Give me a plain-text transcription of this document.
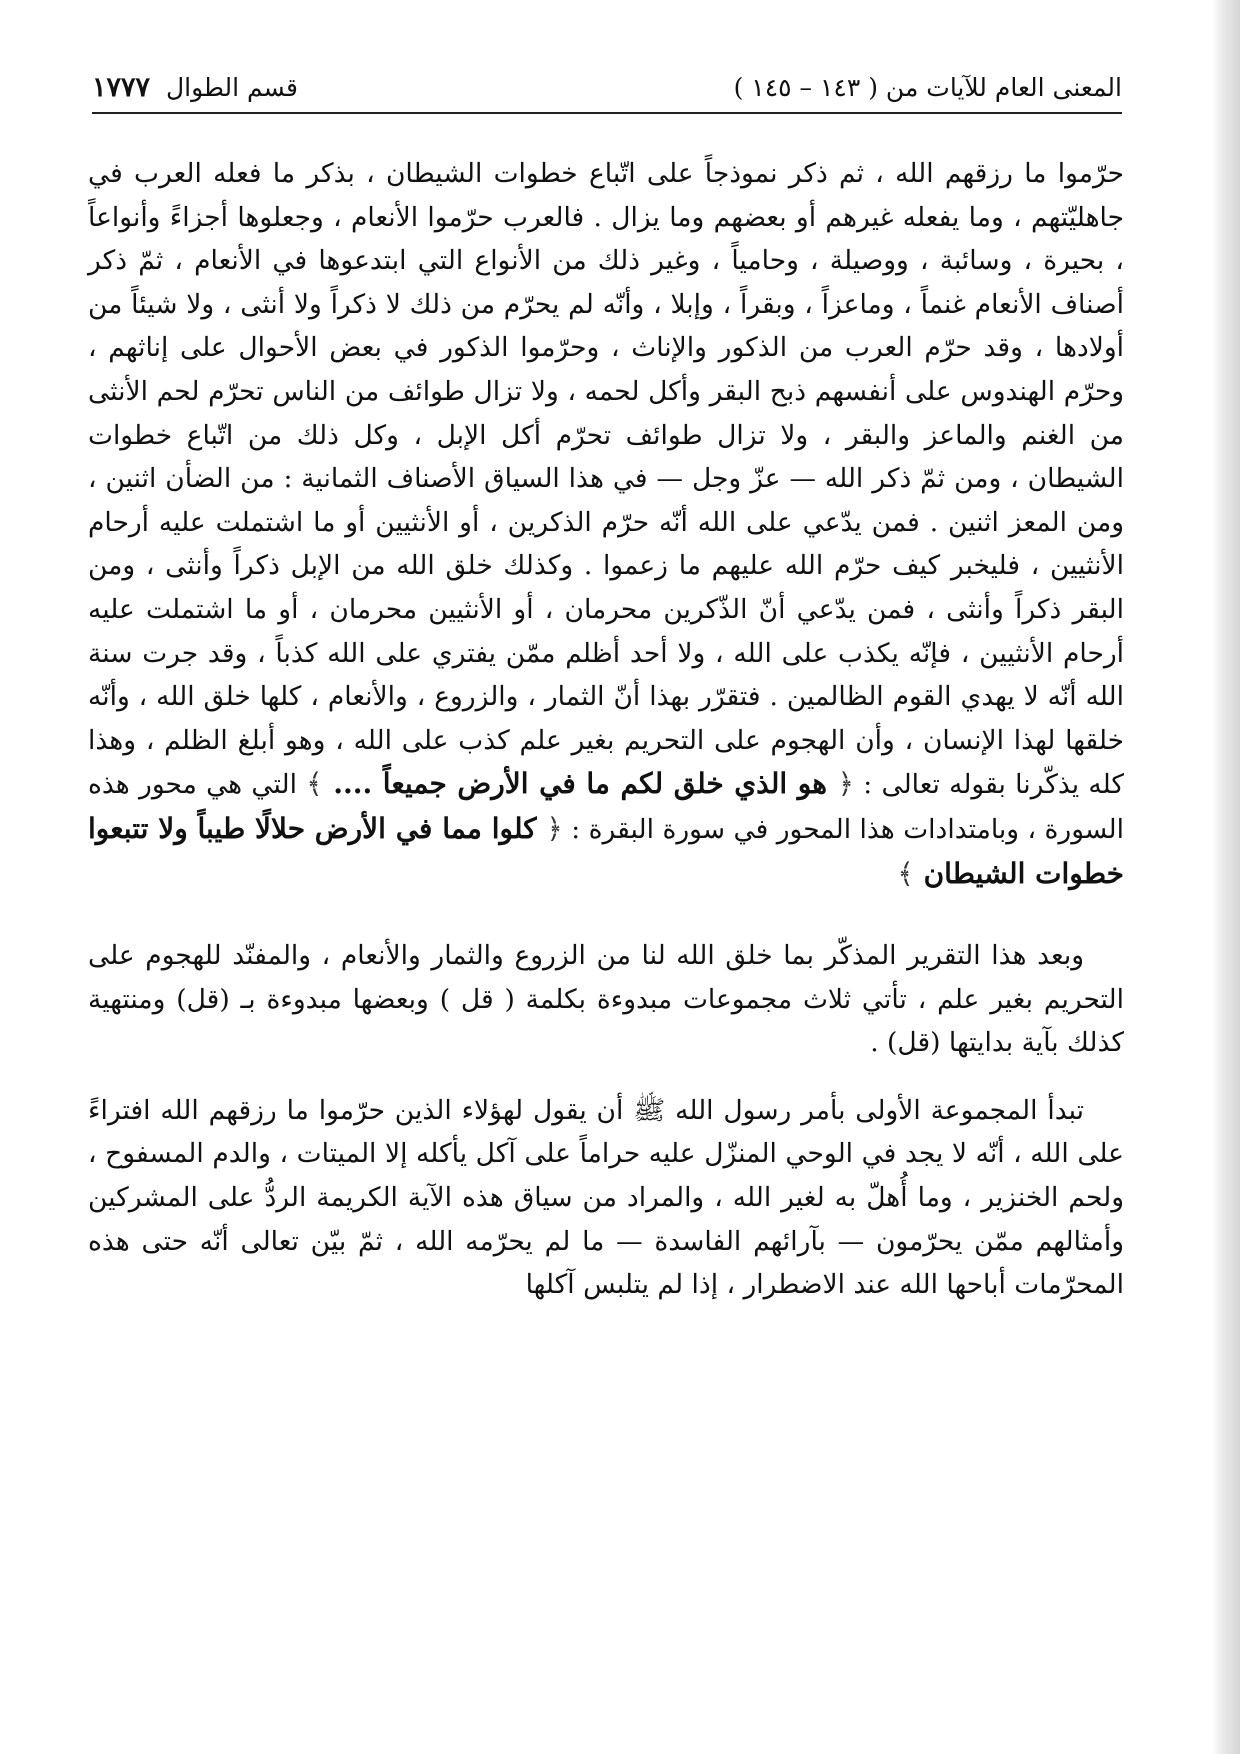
المعنى العام للآيات من ( ١٤٣ – ١٤٥ )
قسم الطوال ١٧٧٧

حرّموا ما رزقهم الله ، ثم ذكر نموذجاً على اتّباع خطوات الشيطان ، بذكر ما فعله العرب في جاهليّتهم ، وما يفعله غيرهم أو بعضهم وما يزال . فالعرب حرّموا الأنعام ، وجعلوها أجزاءً وأنواعاً ، بحيرة ، وسائبة ، ووصيلة ، وحامياً ، وغير ذلك من الأنواع التي ابتدعوها في الأنعام ، ثمّ ذكر أصناف الأنعام غنماً ، وماعزاً ، وبقراً ، وإبلا ، وأنّه لم يحرّم من ذلك لا ذكراً ولا أنثى ، ولا شيئاً من أولادها ، وقد حرّم العرب من الذكور والإناث ، وحرّموا الذكور في بعض الأحوال على إناثهم ، وحرّم الهندوس على أنفسهم ذبح البقر وأكل لحمه ، ولا تزال طوائف من الناس تحرّم لحم الأنثى من الغنم والماعز والبقر ، ولا تزال طوائف تحرّم أكل الإبل ، وكل ذلك من اتّباع خطوات الشيطان ، ومن ثمّ ذكر الله — عزّ وجل — في هذا السياق الأصناف الثمانية : من الضأن اثنين ، ومن المعز اثنين . فمن يدّعي على الله أنّه حرّم الذكرين ، أو الأنثيين أو ما اشتملت عليه أرحام الأنثيين ، فليخبر كيف حرّم الله عليهم ما زعموا . وكذلك خلق الله من الإبل ذكراً وأنثى ، ومن البقر ذكراً وأنثى ، فمن يدّعي أنّ الذّكرين محرمان ، أو الأنثيين محرمان ، أو ما اشتملت عليه أرحام الأنثيين ، فإنّه يكذب على الله ، ولا أحد أظلم ممّن يفتري على الله كذباً ، وقد جرت سنة الله أنّه لا يهدي القوم الظالمين . فتقرّر بهذا أنّ الثمار ، والزروع ، والأنعام ، كلها خلق الله ، وأنّه خلقها لهذا الإنسان ، وأن الهجوم على التحريم بغير علم كذب على الله ، وهو أبلغ الظلم ، وهذا كله يذكّرنا بقوله تعالى : ﴿ هو الذي خلق لكم ما في الأرض جميعاً .... ﴾ التي هي محور هذه السورة ، وبامتدادات هذا المحور في سورة البقرة : ﴿ كلوا مما في الأرض حلالًا طيباً ولا تتبعوا خطوات الشيطان ﴾

وبعد هذا التقرير المذكّر بما خلق الله لنا من الزروع والثمار والأنعام ، والمفنّد للهجوم على التحريم بغير علم ، تأتي ثلاث مجموعات مبدوءة بكلمة ( قل ) وبعضها مبدوءة بـ (قل) ومنتهية كذلك بآية بدايتها (قل) .

تبدأ المجموعة الأولى بأمر رسول الله ﷺ أن يقول لهؤلاء الذين حرّموا ما رزقهم الله افتراءً على الله ، أنّه لا يجد في الوحي المنزّل عليه حراماً على آكل يأكله إلا الميتات ، والدم المسفوح ، ولحم الخنزير ، وما أُهلّ به لغير الله ، والمراد من سياق هذه الآية الكريمة الردُّ على المشركين وأمثالهم ممّن يحرّمون — بآرائهم الفاسدة — ما لم يحرّمه الله ، ثمّ بيّن تعالى أنّه حتى هذه المحرّمات أباحها الله عند الاضطرار ، إذا لم يتلبس آكلها
